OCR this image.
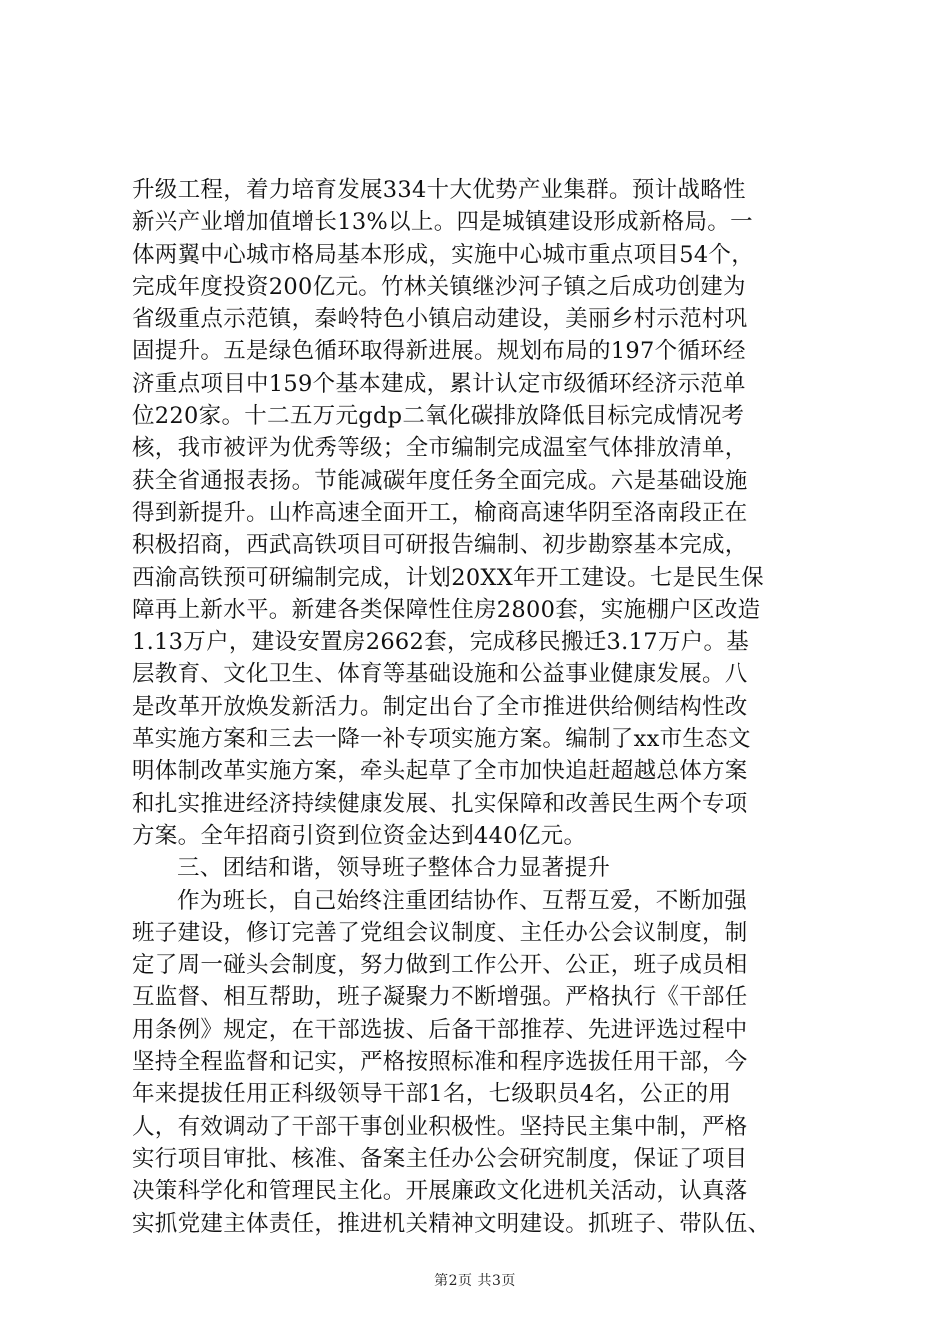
升级工程，着力培育发展334十大优势产业集群。预计战略性
新兴产业增加值增长13%以上。四是城镇建设形成新格局。一
体两翼中心城市格局基本形成，实施中心城市重点项目54个，
完成年度投资200亿元。竹林关镇继沙河子镇之后成功创建为
省级重点示范镇，秦岭特色小镇启动建设，美丽乡村示范村巩
固提升。五是绿色循环取得新进展。规划布局的197个循环经
济重点项目中159个基本建成，累计认定市级循环经济示范单
位220家。十二五万元gdp二氧化碳排放降低目标完成情况考
核，我市被评为优秀等级；全市编制完成温室气体排放清单，
获全省通报表扬。节能减碳年度任务全面完成。六是基础设施
得到新提升。山柞高速全面开工，榆商高速华阴至洛南段正在
积极招商，西武高铁项目可研报告编制、初步勘察基本完成，
西渝高铁预可研编制完成，计划20XX年开工建设。七是民生保
障再上新水平。新建各类保障性住房2800套，实施棚户区改造
1.13万户，建设安置房2662套，完成移民搬迁3.17万户。基
层教育、文化卫生、体育等基础设施和公益事业健康发展。八
是改革开放焕发新活力。制定出台了全市推进供给侧结构性改
革实施方案和三去一降一补专项实施方案。编制了xx市生态文
明体制改革实施方案，牵头起草了全市加快追赶超越总体方案
和扎实推进经济持续健康发展、扎实保障和改善民生两个专项
方案。全年招商引资到位资金达到440亿元。
三、团结和谐，领导班子整体合力显著提升
作为班长，自己始终注重团结协作、互帮互爱，不断加强
班子建设，修订完善了党组会议制度、主任办公会议制度，制
定了周一碰头会制度，努力做到工作公开、公正，班子成员相
互监督、相互帮助，班子凝聚力不断增强。严格执行《干部任
用条例》规定，在干部选拔、后备干部推荐、先进评选过程中
坚持全程监督和记实，严格按照标准和程序选拔任用干部，今
年来提拔任用正科级领导干部1名，七级职员4名，公正的用
人，有效调动了干部干事创业积极性。坚持民主集中制，严格
实行项目审批、核准、备案主任办公会研究制度，保证了项目
决策科学化和管理民主化。开展廉政文化进机关活动，认真落
实抓党建主体责任，推进机关精神文明建设。抓班子、带队伍、
第2页 共3页
